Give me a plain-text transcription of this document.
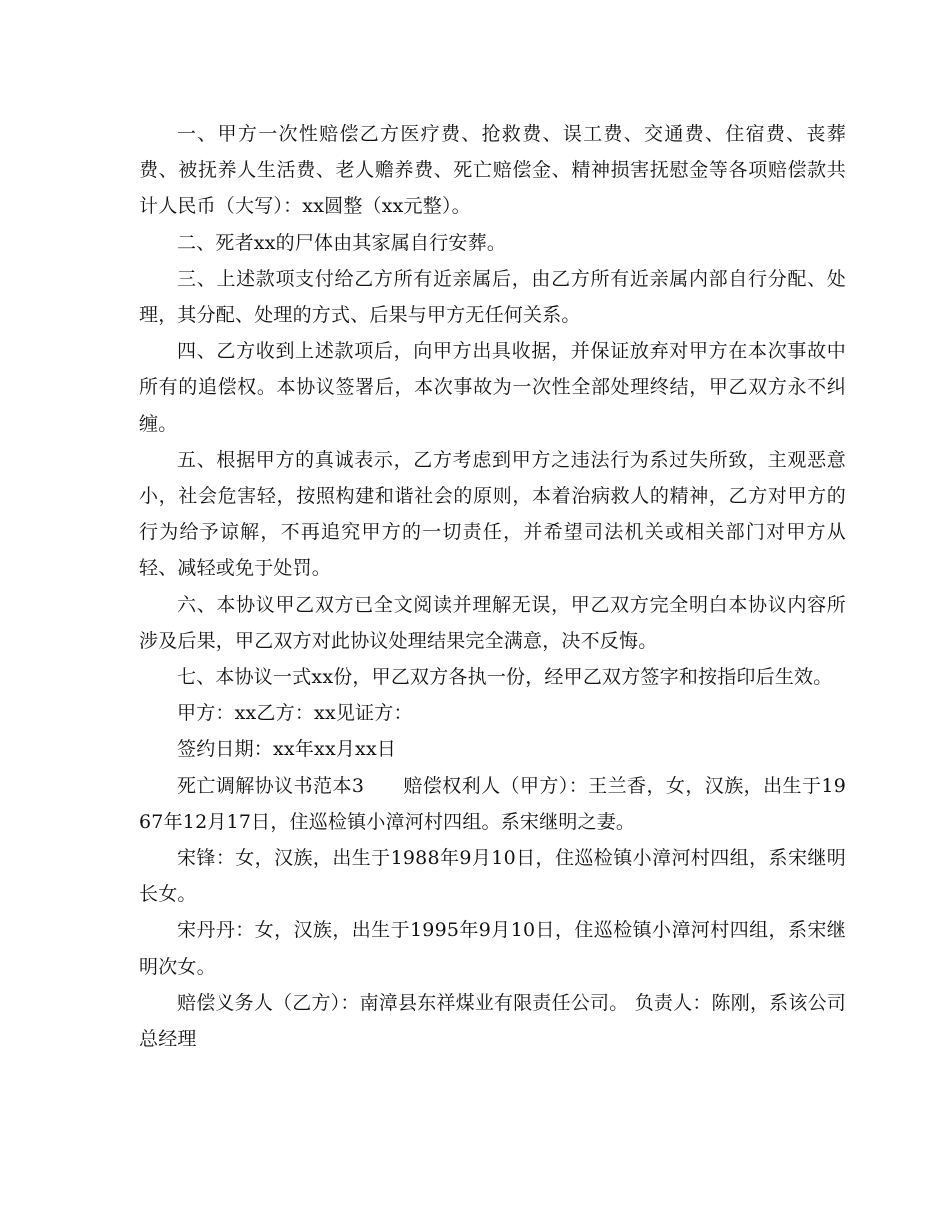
一、甲方一次性赔偿乙方医疗费、抢救费、误工费、交通费、住宿费、丧葬费、被抚养人生活费、老人赡养费、死亡赔偿金、精神损害抚慰金等各项赔偿款共计人民币（大写）：xx圆整（xx元整）。

二、死者xx的尸体由其家属自行安葬。

三、上述款项支付给乙方所有近亲属后，由乙方所有近亲属内部自行分配、处理，其分配、处理的方式、后果与甲方无任何关系。

四、乙方收到上述款项后，向甲方出具收据，并保证放弃对甲方在本次事故中所有的追偿权。本协议签署后，本次事故为一次性全部处理终结，甲乙双方永不纠缠。

五、根据甲方的真诚表示，乙方考虑到甲方之违法行为系过失所致，主观恶意小，社会危害轻，按照构建和谐社会的原则，本着治病救人的精神，乙方对甲方的行为给予谅解，不再追究甲方的一切责任，并希望司法机关或相关部门对甲方从轻、减轻或免于处罚。

六、本协议甲乙双方已全文阅读并理解无误，甲乙双方完全明白本协议内容所涉及后果，甲乙双方对此协议处理结果完全满意，决不反悔。

七、本协议一式xx份，甲乙双方各执一份，经甲乙双方签字和按指印后生效。

甲方：xx乙方：xx见证方：

签约日期：xx年xx月xx日

死亡调解协议书范本3　　赔偿权利人（甲方）：王兰香，女，汉族，出生于1967年12月17日，住巡检镇小漳河村四组。系宋继明之妻。

宋锋：女，汉族，出生于1988年9月10日，住巡检镇小漳河村四组，系宋继明长女。

宋丹丹：女，汉族，出生于1995年9月10日，住巡检镇小漳河村四组，系宋继明次女。

赔偿义务人（乙方）：南漳县东祥煤业有限责任公司。 负责人：陈刚，系该公司总经理
